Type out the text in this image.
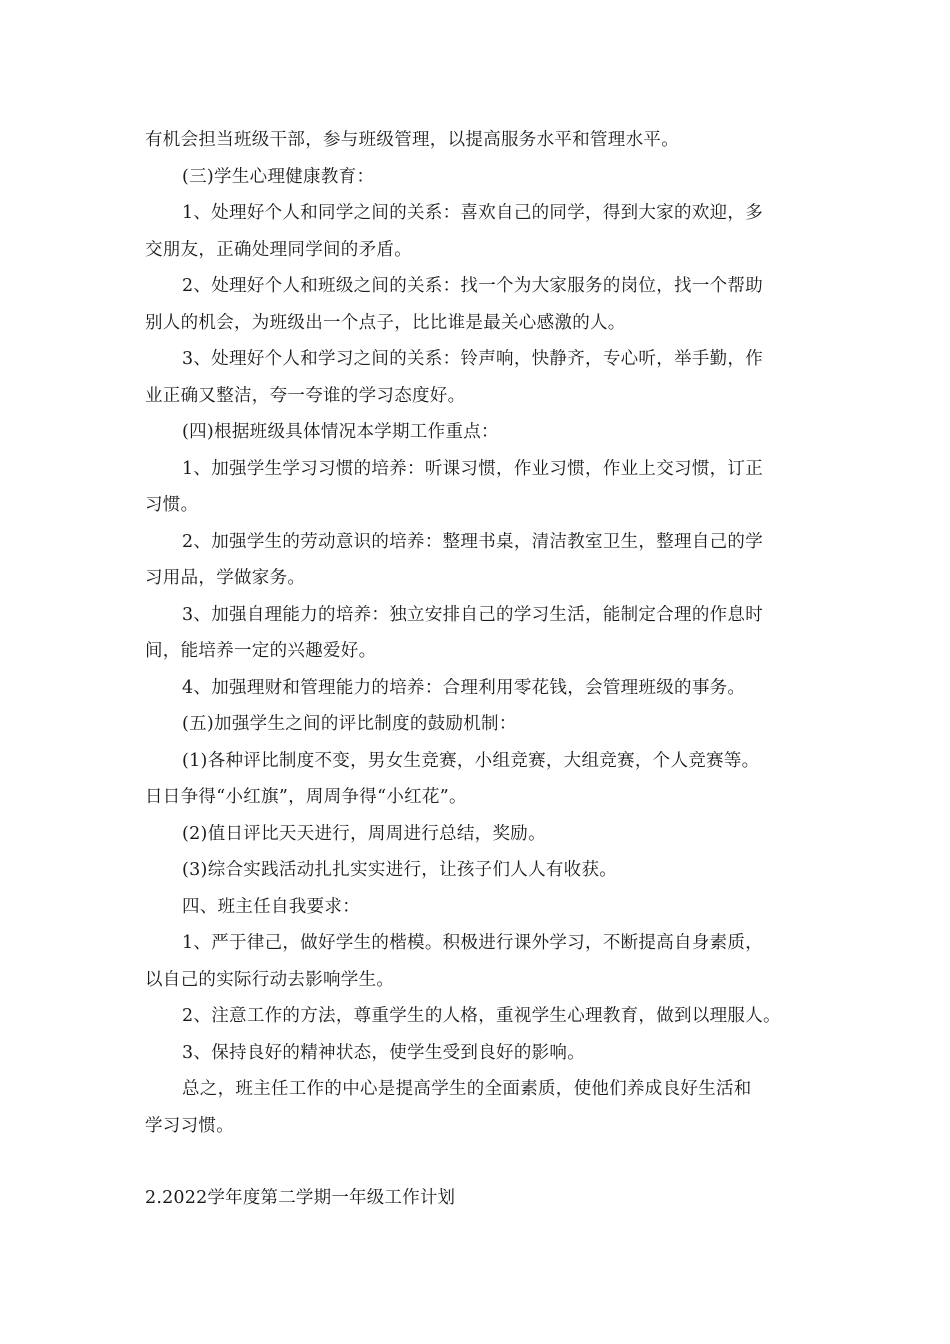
有机会担当班级干部，参与班级管理，以提高服务水平和管理水平。

(三)学生心理健康教育：

1、处理好个人和同学之间的关系：喜欢自己的同学，得到大家的欢迎，多

交朋友，正确处理同学间的矛盾。

2、处理好个人和班级之间的关系：找一个为大家服务的岗位，找一个帮助

别人的机会，为班级出一个点子，比比谁是最关心感激的人。

3、处理好个人和学习之间的关系：铃声响，快静齐，专心听，举手勤，作

业正确又整洁，夸一夸谁的学习态度好。

(四)根据班级具体情况本学期工作重点：

1、加强学生学习习惯的培养：听课习惯，作业习惯，作业上交习惯，订正

习惯。

2、加强学生的劳动意识的培养：整理书桌，清洁教室卫生，整理自己的学

习用品，学做家务。

3、加强自理能力的培养：独立安排自己的学习生活，能制定合理的作息时

间，能培养一定的兴趣爱好。

4、加强理财和管理能力的培养：合理利用零花钱，会管理班级的事务。

(五)加强学生之间的评比制度的鼓励机制：

(1)各种评比制度不变，男女生竞赛，小组竞赛，大组竞赛，个人竞赛等。

日日争得“小红旗”，周周争得“小红花”。

(2)值日评比天天进行，周周进行总结，奖励。

(3)综合实践活动扎扎实实进行，让孩子们人人有收获。

四、班主任自我要求：

1、严于律己，做好学生的楷模。积极进行课外学习，不断提高自身素质，

以自己的实际行动去影响学生。

2、注意工作的方法，尊重学生的人格，重视学生心理教育，做到以理服人。

3、保持良好的精神状态，使学生受到良好的影响。

总之，班主任工作的中心是提高学生的全面素质，使他们养成良好生活和

学习习惯。

2.2022学年度第二学期一年级工作计划
